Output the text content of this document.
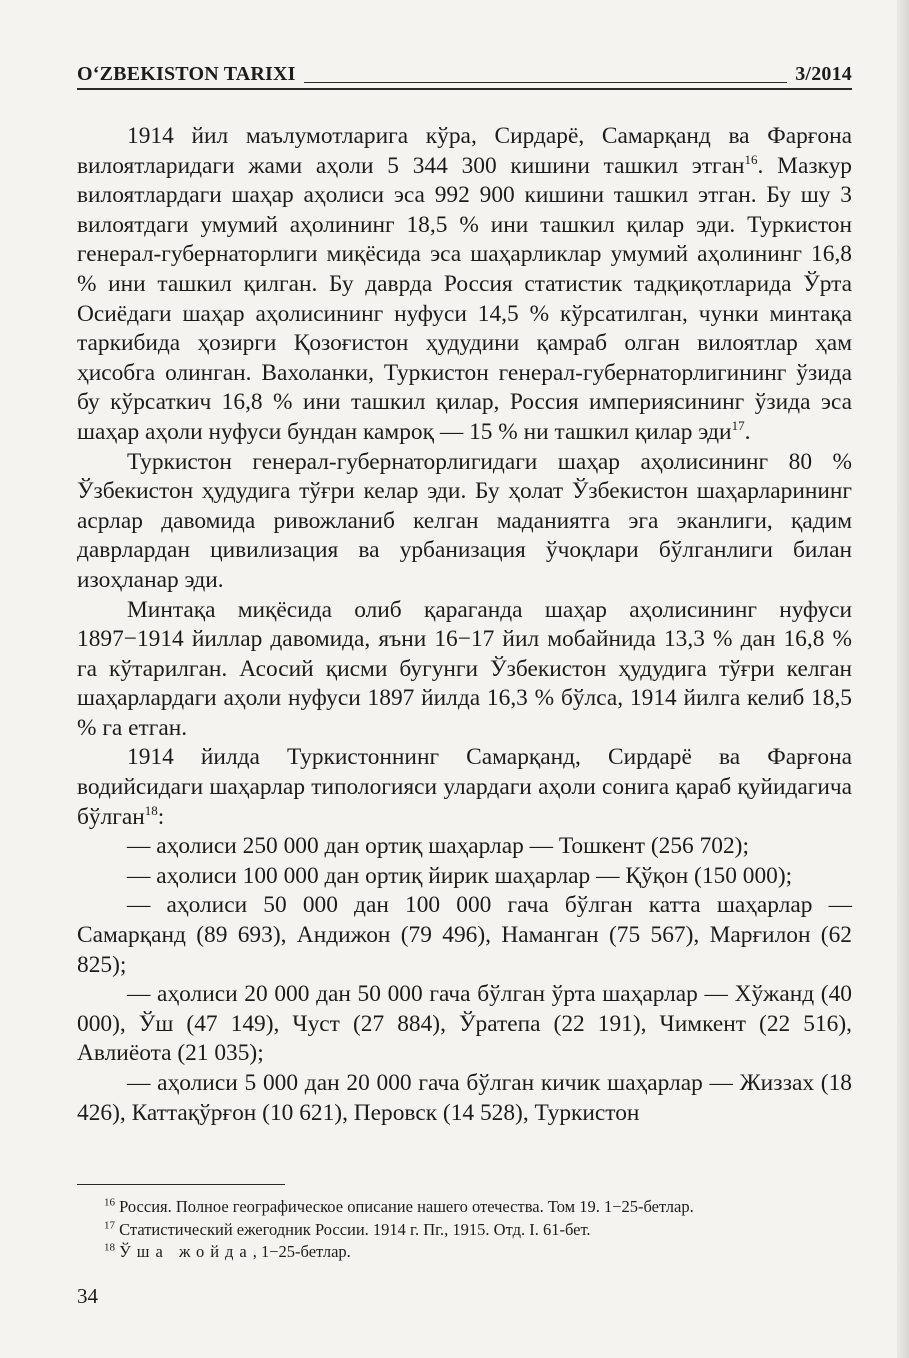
O‘ZBEKISTON TARIXI	3/2014

1914 йил маълумотларига кўра, Сирдарё, Самарқанд ва Фарғона вилоятларидаги жами аҳоли 5 344 300 кишини ташкил этган$^{16}$. Мазкур вилоятлардаги шаҳар аҳолиси эса 992 900 кишини ташкил этган. Бу шу 3 вилоятдаги умумий аҳолининг 18,5 % ини ташкил қилар эди. Туркистон генерал-губернаторлиги миқёсида эса шаҳарликлар умумий аҳолининг 16,8 % ини ташкил қилган. Бу даврда Россия статистик тадқиқотларида Ўрта Осиёдаги шаҳар аҳолисининг нуфуси 14,5 % кўрсатилган, чунки минтақа таркибида ҳозирги Қозоғистон ҳудудини қамраб олган вилоятлар ҳам ҳисобга олинган. Вахоланки, Туркистон генерал-губернаторлигининг ўзида бу кўрсаткич 16,8 % ини ташкил қилар, Россия империясининг ўзида эса шаҳар аҳоли нуфуси бундан камроқ — 15 % ни ташкил қилар эди$^{17}$.

Туркистон генерал-губернаторлигидаги шаҳар аҳолисининг 80 % Ўзбекистон ҳудудига тўғри келар эди. Бу ҳолат Ўзбекистон шаҳарларининг асрлар давомида ривожланиб келган маданиятга эга эканлиги, қадим даврлардан цивилизация ва урбанизация ўчоқлари бўлганлиги билан изоҳланар эди.

Минтақа миқёсида олиб қараганда шаҳар аҳолисининг нуфуси 1897−1914 йиллар давомида, яъни 16−17 йил мобайнида 13,3 % дан 16,8 % га кўтарилган. Асосий қисми бугунги Ўзбекистон ҳудудига тўғри келган шаҳарлардаги аҳоли нуфуси 1897 йилда 16,3 % бўлса, 1914 йилга келиб 18,5 % га етган.

1914 йилда Туркистоннинг Самарқанд, Сирдарё ва Фарғона водийсидаги шаҳарлар типологияси улардаги аҳоли сонига қараб қуйидагича бўлган$^{18}$:

— аҳолиси 250 000 дан ортиқ шаҳарлар — Тошкент (256 702);

— аҳолиси 100 000 дан ортиқ йирик шаҳарлар — Қўқон (150 000);

— аҳолиси 50 000 дан 100 000 гача бўлган катта шаҳарлар — Самарқанд (89 693), Андижон (79 496), Наманган (75 567), Марғилон (62 825);

— аҳолиси 20 000 дан 50 000 гача бўлган ўрта шаҳарлар — Хўжанд (40 000), Ўш (47 149), Чуст (27 884), Ўратепа (22 191), Чимкент (22 516), Авлиёота (21 035);

— аҳолиси 5 000 дан 20 000 гача бўлган кичик шаҳарлар — Жиззах (18 426), Каттақўрғон (10 621), Перовск (14 528), Туркистон

$^{16}$ Россия. Полное географическое описание нашего отечества. Том 19. 1−25-бетлар.
$^{17}$ Статистический ежегодник России. 1914 г. Пг., 1915. Отд. I. 61-бет.
$^{18}$ Ўша жойда, 1−25-бетлар.
34
